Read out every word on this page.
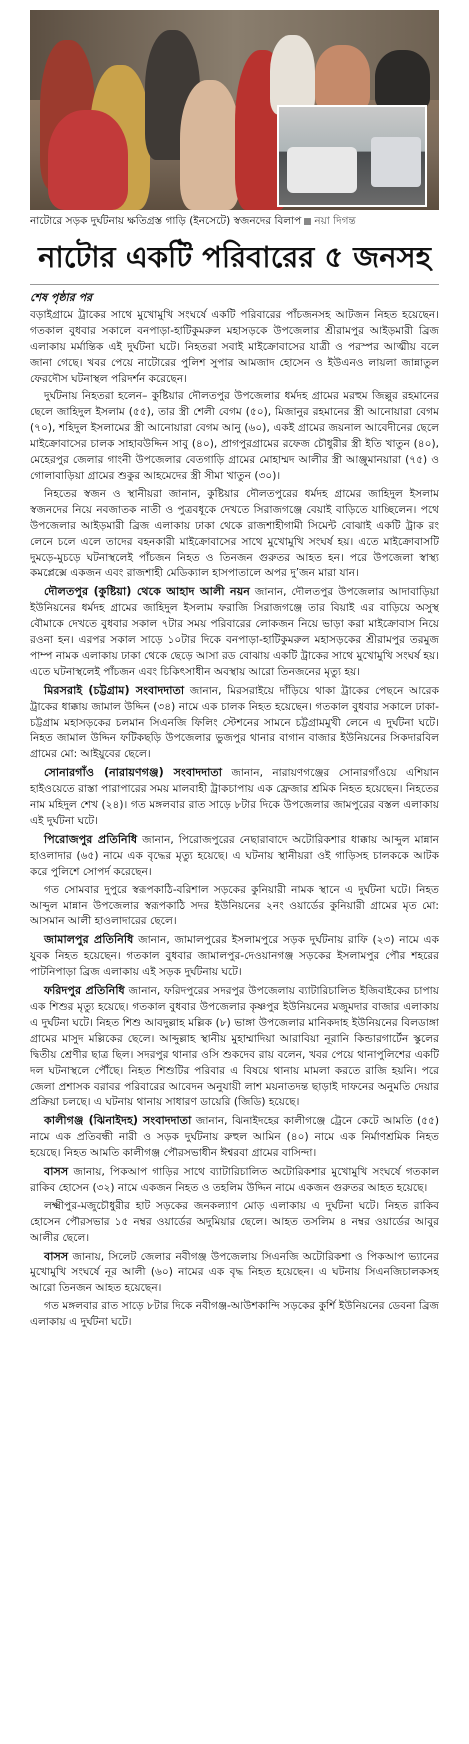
নাটোরে সড়ক দুর্ঘটনায় ক্ষতিগ্রস্ত গাড়ি (ইনসেটে) স্বজনদের বিলাপ নয়া দিগন্ত
নাটোর একটি পরিবারের ৫ জনসহ
শেষ পৃষ্ঠার পর

বড়াইগ্রামে ট্রাকের সাথে মুখোমুখি সংঘর্ষে একটি পরিবারের পাঁচজনসহ আটজন নিহত হয়েছেন। গতকাল বুধবার সকালে বনপাড়া-হাটিকুমরুল মহাসড়কে উপজেলার শ্রীরামপুর আইড়মারী ব্রিজ এলাকায় মর্মান্তিক এই দুর্ঘটনা ঘটে। নিহতরা সবাই মাইক্রোবাসের যাত্রী ও পরস্পর আত্মীয় বলে জানা গেছে। খবর পেয়ে নাটোরের পুলিশ সুপার আমজাদ হোসেন ও ইউএনও লায়লা জান্নাতুল ফেরদৌস ঘটনাস্থল পরিদর্শন করেছেন।

দুর্ঘটনায় নিহতরা হলেন– কুষ্টিয়ার দৌলতপুর উপজেলার ধর্মদহ গ্রামের মরহুম জিল্লুর রহমানের ছেলে জাহিদুল ইসলাম (৫৫), তার স্ত্রী শেলী বেগম (৫০), মিজানুর রহমানের স্ত্রী আনোয়ারা বেগম (৭০), শহিদুল ইসলামের স্ত্রী আনোয়ারা বেগম আনু (৬০), একই গ্রামের জয়নাল আবেদীনের ছেলে মাইক্রোবাসের চালক সাহাবউদ্দিন সাবু (৪০), প্রাগপুরগ্রামের রফেজ চৌধুরীর স্ত্রী ইতি খাতুন (৪০), মেহেরপুর জেলার গাংনী উপজেলার বেতগাড়ি গ্রামের মোহাম্মদ আলীর স্ত্রী আঞ্জুমানয়ারা (৭৫) ও গোলাবাড়িয়া গ্রামের শুকুর আহমেদের স্ত্রী সীমা খাতুন (৩০)।

নিহতের স্বজন ও স্থানীয়রা জানান, কুষ্টিয়ার দৌলতপুরের ধর্মদহ গ্রামের জাহিদুল ইসলাম স্বজনদের নিয়ে নবজাতক নাতী ও পুত্রবধূকে দেখতে সিরাজগঞ্জে বেয়াই বাড়িতে যাচ্ছিলেন। পথে উপজেলার আইড়মারী ব্রিজ এলাকায় ঢাকা থেকে রাজশাহীগামী সিমেন্ট বোঝাই একটি ট্রাক রং লেনে চলে এলে তাদের বহনকারী মাইক্রোবাসের সাথে মুখোমুখি সংঘর্ষ হয়। এতে মাইক্রোবাসটি দুমড়ে-মুচড়ে ঘটনাস্থলেই পাঁচজন নিহত ও তিনজন গুরুতর আহত হন। পরে উপজেলা স্বাস্থ্য কমপ্লেক্সে একজন এবং রাজশাহী মেডিক্যাল হাসপাতালে অপর দু’জন মারা যান।

দৌলতপুর (কুষ্টিয়া) থেকে আহাদ আলী নয়ন জানান, দৌলতপুর উপজেলার আদাবাড়িয়া ইউনিয়নের ধর্মদহ গ্রামের জাহিদুল ইসলাম ফরাজি সিরাজগঞ্জে তার বিয়াই এর বাড়িয়ে অসুস্থ বৌমাকে দেখতে বুধবার সকাল ৭টার সময় পরিবারের লোকজন নিয়ে ভাড়া করা মাইক্রোবাস নিয়ে রওনা হন। এরপর সকাল সাড়ে ১০টার দিকে বনপাড়া-হাটিকুমরুল মহাসড়কের শ্রীরামপুর তরমুজ পাম্প নামক এলাকায় ঢাকা থেকে ছেড়ে আসা রড বোঝায় একটি ট্রাকের সাথে মুখোমুখি সংঘর্ষ হয়। এতে ঘটনাস্থলেই পাঁচজন এবং চিকিৎসাধীন অবস্থায় আরো তিনজনের মৃত্যু হয়।

মিরসরাই (চট্টগ্রাম) সংবাদদাতা জানান, মিরসরাইয়ে দাঁড়িয়ে থাকা ট্রাকের পেছনে আরেক ট্রাকের ধাক্কায় জামাল উদ্দিন (৩৪) নামে এক চালক নিহত হয়েছেন। গতকাল বুধবার সকালে ঢাকা-চট্টগ্রাম মহাসড়কের চলমান সিএনজি ফিলিং স্টেশনের সামনে চট্টগ্রামমুখী লেনে এ দুর্ঘটনা ঘটে। নিহত জামাল উদ্দিন ফটিকছড়ি উপজেলার ভুজপুর থানার বাগান বাজার ইউনিয়নের সিকদারবিল গ্রামের মো: আইয়ুবের ছেলে।

সোনারগাঁও (নারায়ণগঞ্জ) সংবাদদাতা জানান, নারায়ণগঞ্জের সোনারগাঁওয়ে এশিয়ান হাইওয়েতে রাস্তা পারাপারের সময় মালবাহী ট্রাকচাপায় এক ফ্রেজার শ্রমিক নিহত হয়েছেন। নিহতের নাম মহিদুল শেখ (২৪)। গত মঙ্গলবার রাত সাড়ে ৮টার দিকে উপজেলার জামপুরের বস্তল এলাকায় এই দুর্ঘটনা ঘটে।

পিরোজপুর প্রতিনিধি জানান, পিরোজপুরের নেছারাবাদে অটোরিকশার ধাক্কায় আব্দুল মান্নান হাওলাদার (৬৫) নামে এক বৃদ্ধের মৃত্যু হয়েছে। এ ঘটনায় স্থানীয়রা ওই গাড়িসহ চালককে আটক করে পুলিশে সোপর্দ করেছেন।

গত সোমবার দুপুরে স্বরূপকাঠি-বরিশাল সড়কের কুনিয়ারী নামক স্থানে এ দুর্ঘটনা ঘটে। নিহত আব্দুল মান্নান উপজেলার স্বরূপকাঠি সদর ইউনিয়নের ২নং ওয়ার্ডের কুনিয়ারী গ্রামের মৃত মো: আসমান আলী হাওলাদারের ছেলে।

জামালপুর প্রতিনিধি জানান, জামালপুরের ইসলামপুরে সড়ক দুর্ঘটনায় রাফি (২৩) নামে এক যুবক নিহত হয়েছেন। গতকাল বুধবার জামালপুর-দেওয়ানগঞ্জ সড়কের ইসলামপুর পৌর শহরের পাটনিপাড়া ব্রিজ এলাকায় এই সড়ক দুর্ঘটনায় ঘটে।

ফরিদপুর প্রতিনিধি জানান, ফরিদপুরের সদরপুর উপজেলায় ব্যাটারিচালিত ইজিবাইকের চাপায় এক শিশুর মৃত্যু হয়েছে। গতকাল বুধবার উপজেলার কৃষ্ণপুর ইউনিয়নের মজুমদার বাজার এলাকায় এ দুর্ঘটনা ঘটে। নিহত শিশু আবদুল্লাহ মল্লিক (৮) ভাঙ্গা উপজেলার মানিকদাহ ইউনিয়নের বিলডাঙ্গা গ্রামের মাসুদ মল্লিকের ছেলে। আব্দুল্লাহ স্থানীয় মুহাম্মাদিয়া আরাবিয়া নূরানি কিন্ডারগার্টেন স্কুলের দ্বিতীয় শ্রেণীর ছাত্র ছিল। সদরপুর থানার ওসি শুকদেব রায় বলেন, খবর পেয়ে থানাপুলিশের একটি দল ঘটনাস্থলে পৌঁছে। নিহত শিশুটির পরিবার এ বিষয়ে থানায় মামলা করতে রাজি হয়নি। পরে জেলা প্রশাসক বরাবর পরিবারের আবেদন অনুযায়ী লাশ ময়নাতদন্ত ছাড়াই দাফনের অনুমতি দেয়ার প্রক্রিয়া চলছে। এ ঘটনায় থানায় সাধারণ ডায়েরি (জিডি) হয়েছে।

কালীগঞ্জ (ঝিনাইদহ) সংবাদদাতা জানান, ঝিনাইদহের কালীগঞ্জে ট্রেনে কেটে আমতি (৫৫) নামে এক প্রতিবন্ধী নারী ও সড়ক দুর্ঘটনায় রুহুল আমিন (৪০) নামে এক নির্মাণশ্রমিক নিহত হয়েছে। নিহত আমতি কালীগঞ্জ পৌরসভাধীন ঈশ্বরবা গ্রামের বাসিন্দা।

বাসস জানায়, পিকআপ গাড়ির সাথে ব্যাটারিচালিত অটোরিকশার মুখোমুখি সংঘর্ষে গতকাল রাকিব হোসেন (৩২) নামে একজন নিহত ও তহলিম উদ্দিন নামে একজন গুরুতর আহত হয়েছে।

লক্ষ্মীপুর-মজুচৌধুরীর হাট সড়কের জনকল্যাণ মোড় এলাকায় এ দুর্ঘটনা ঘটে। নিহত রাকিব হোসেন পৌরসভার ১৫ নম্বর ওয়ার্ডের অদুমিয়ার ছেলে। আহত তসলিম ৪ নম্বর ওয়ার্ডের আবুর আলীর ছেলে।

বাসস জানায়, সিলেট জেলার নবীগঞ্জ উপজেলায় সিএনজি অটোরিকশা ও পিকআপ ভ্যানের মুখোমুখি সংঘর্ষে নূর আলী (৬০) নামের এক বৃদ্ধ নিহত হয়েছেন। এ ঘটনায় সিএনজিচালকসহ আরো তিনজন আহত হয়েছেন।

গত মঙ্গলবার রাত সাড়ে ৮টার দিকে নবীগঞ্জ-আউশকান্দি সড়কের কুর্শি ইউনিয়নের ডেবনা ব্রিজ এলাকায় এ দুর্ঘটনা ঘটে।
